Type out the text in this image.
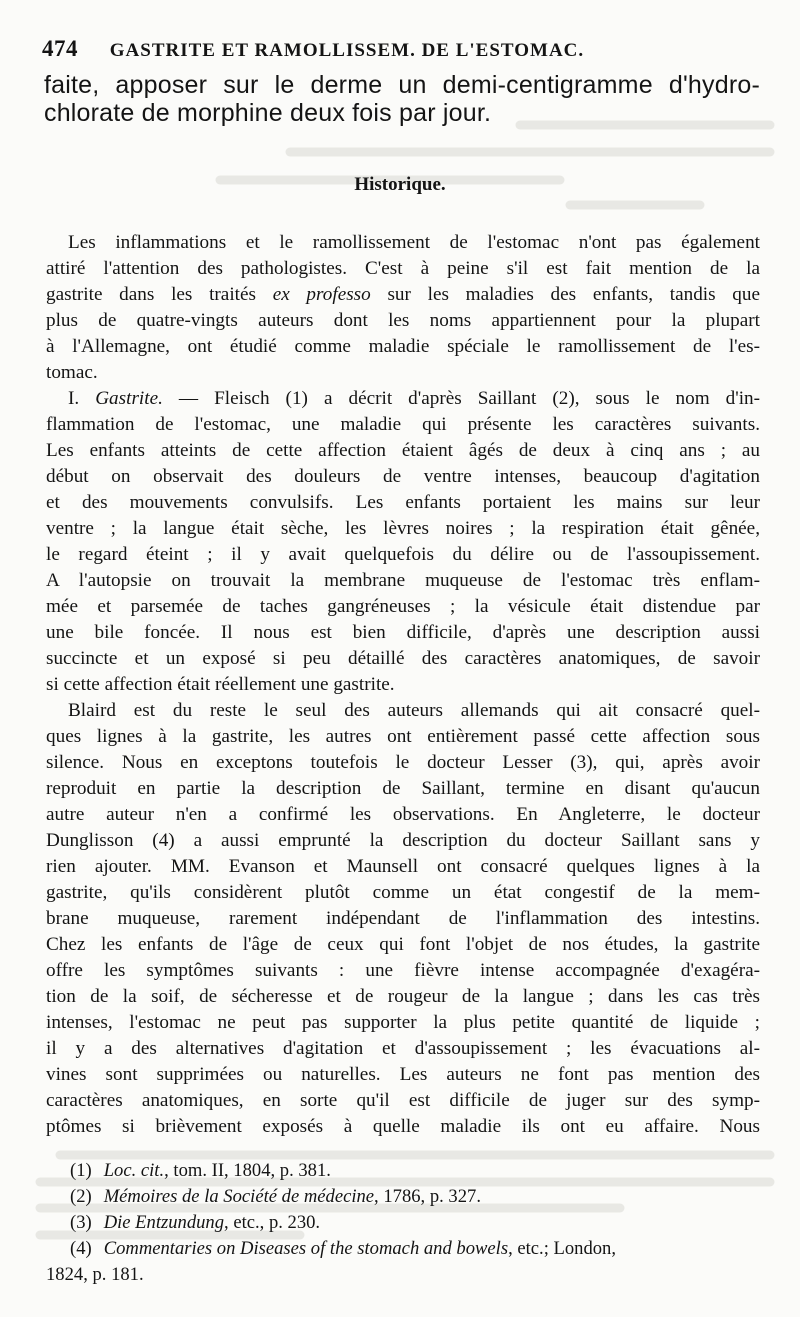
474 GASTRITE ET RAMOLLISSEM. DE L'ESTOMAC.
faite, apposer sur le derme un demi-centigramme d'hydro-
chlorate de morphine deux fois par jour.
Historique.
Les inflammations et le ramollissement de l'estomac n'ont pas également
attiré l'attention des pathologistes. C'est à peine s'il est fait mention de la
gastrite dans les traités ex professo sur les maladies des enfants, tandis que
plus de quatre-vingts auteurs dont les noms appartiennent pour la plupart
à l'Allemagne, ont étudié comme maladie spéciale le ramollissement de l'es-
tomac.
I. Gastrite. — Fleisch (1) a décrit d'après Saillant (2), sous le nom d'in-
flammation de l'estomac, une maladie qui présente les caractères suivants.
Les enfants atteints de cette affection étaient âgés de deux à cinq ans ; au
début on observait des douleurs de ventre intenses, beaucoup d'agitation
et des mouvements convulsifs. Les enfants portaient les mains sur leur
ventre ; la langue était sèche, les lèvres noires ; la respiration était gênée,
le regard éteint ; il y avait quelquefois du délire ou de l'assoupissement.
A l'autopsie on trouvait la membrane muqueuse de l'estomac très enflam-
mée et parsemée de taches gangréneuses ; la vésicule était distendue par
une bile foncée. Il nous est bien difficile, d'après une description aussi
succincte et un exposé si peu détaillé des caractères anatomiques, de savoir
si cette affection était réellement une gastrite.
Blaird est du reste le seul des auteurs allemands qui ait consacré quel-
ques lignes à la gastrite, les autres ont entièrement passé cette affection sous
silence. Nous en exceptons toutefois le docteur Lesser (3), qui, après avoir
reproduit en partie la description de Saillant, termine en disant qu'aucun
autre auteur n'en a confirmé les observations. En Angleterre, le docteur
Dunglisson (4) a aussi emprunté la description du docteur Saillant sans y
rien ajouter. MM. Evanson et Maunsell ont consacré quelques lignes à la
gastrite, qu'ils considèrent plutôt comme un état congestif de la mem-
brane muqueuse, rarement indépendant de l'inflammation des intestins.
Chez les enfants de l'âge de ceux qui font l'objet de nos études, la gastrite
offre les symptômes suivants : une fièvre intense accompagnée d'exagéra-
tion de la soif, de sécheresse et de rougeur de la langue ; dans les cas très
intenses, l'estomac ne peut pas supporter la plus petite quantité de liquide ;
il y a des alternatives d'agitation et d'assoupissement ; les évacuations al-
vines sont supprimées ou naturelles. Les auteurs ne font pas mention des
caractères anatomiques, en sorte qu'il est difficile de juger sur des symp-
ptômes si brièvement exposés à quelle maladie ils ont eu affaire. Nous
(1) Loc. cit., tom. II, 1804, p. 381.
(2) Mémoires de la Société de médecine, 1786, p. 327.
(3) Die Entzundung, etc., p. 230.
(4) Commentaries on Diseases of the stomach and bowels, etc.; London,
1824, p. 181.
